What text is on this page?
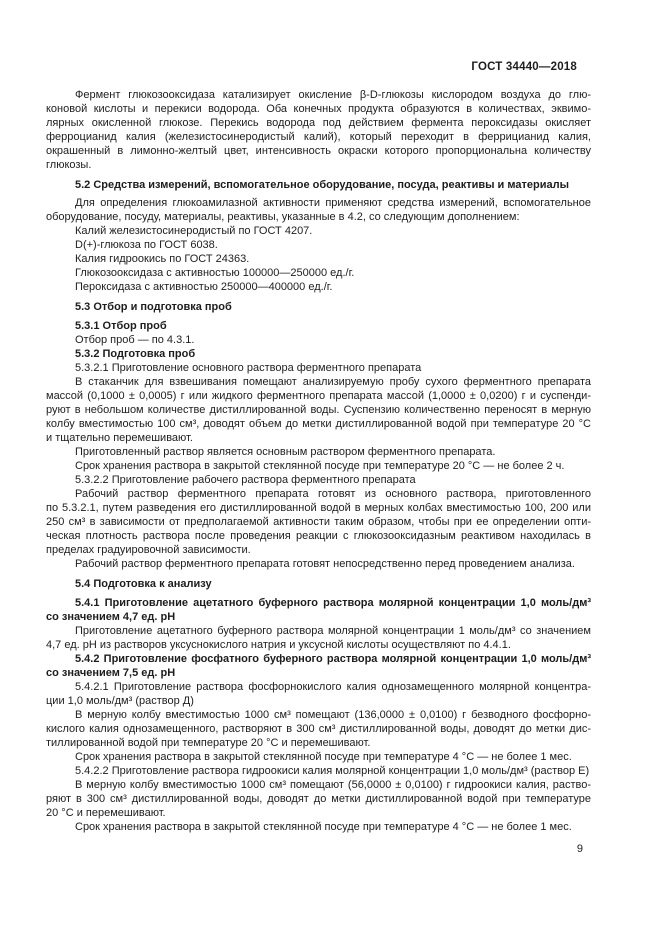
ГОСТ 34440—2018
Фермент глюкозооксидаза катализирует окисление β-D-глюкозы кислородом воздуха до глю-
коновой кислоты и перекиси водорода. Оба конечных продукта образуются в количествах, эквимо-
лярных окисленной глюкозе. Перекись водорода под действием фермента пероксидазы окисляет
ферроцианид калия (железистосинеродистый калий), который переходит в феррицианид калия,
окрашенный в лимонно-желтый цвет, интенсивность окраски которого пропорциональна количеству
глюкозы.
5.2 Средства измерений, вспомогательное оборудование, посуда, реактивы и материалы
Для определения глюкоамилазной активности применяют средства измерений, вспомогательное
оборудование, посуду, материалы, реактивы, указанные в 4.2, со следующим дополнением:
Калий железистосинеродистый по ГОСТ 4207.
D(+)-глюкоза по ГОСТ 6038.
Калия гидроокись по ГОСТ 24363.
Глюкозооксидаза с активностью 100000—250000 ед./г.
Пероксидаза с активностью 250000—400000 ед./г.
5.3 Отбор и подготовка проб
5.3.1 Отбор проб
Отбор проб — по 4.3.1.
5.3.2 Подготовка проб
5.3.2.1 Приготовление основного раствора ферментного препарата
В стаканчик для взвешивания помещают анализируемую пробу сухого ферментного препарата
массой (0,1000 ± 0,0005) г или жидкого ферментного препарата массой (1,0000 ± 0,0200) г и суспенди-
руют в небольшом количестве дистиллированной воды. Суспензию количественно переносят в мерную
колбу вместимостью 100 см³, доводят объем до метки дистиллированной водой при температуре 20 °С
и тщательно перемешивают.
Приготовленный раствор является основным раствором ферментного препарата.
Срок хранения раствора в закрытой стеклянной посуде при температуре 20 °С — не более 2 ч.
5.3.2.2 Приготовление рабочего раствора ферментного препарата
Рабочий раствор ферментного препарата готовят из основного раствора, приготовленного
по 5.3.2.1, путем разведения его дистиллированной водой в мерных колбах вместимостью 100, 200 или
250 см³ в зависимости от предполагаемой активности таким образом, чтобы при ее определении опти-
ческая плотность раствора после проведения реакции с глюкозооксидазным реактивом находилась в
пределах градуировочной зависимости.
Рабочий раствор ферментного препарата готовят непосредственно перед проведением анализа.
5.4 Подготовка к анализу
5.4.1 Приготовление ацетатного буферного раствора молярной концентрации 1,0 моль/дм³
со значением 4,7 ед. pH
Приготовление ацетатного буферного раствора молярной концентрации 1 моль/дм³ со значением
4,7 ед. pH из растворов уксуснокислого натрия и уксусной кислоты осуществляют по 4.4.1.
5.4.2 Приготовление фосфатного буферного раствора молярной концентрации 1,0 моль/дм³
со значением 7,5 ед. pH
5.4.2.1 Приготовление раствора фосфорнокислого калия однозамещенного молярной концентра-
ции 1,0 моль/дм³ (раствор Д)
В мерную колбу вместимостью 1000 см³ помещают (136,0000 ± 0,0100) г безводного фосфорно-
кислого калия однозамещенного, растворяют в 300 см³ дистиллированной воды, доводят до метки дис-
тиллированной водой при температуре 20 °С и перемешивают.
Срок хранения раствора в закрытой стеклянной посуде при температуре 4 °С — не более 1 мес.
5.4.2.2 Приготовление раствора гидроокиси калия молярной концентрации 1,0 моль/дм³ (раствор Е)
В мерную колбу вместимостью 1000 см³ помещают (56,0000 ± 0,0100) г гидроокиси калия, раство-
ряют в 300 см³ дистиллированной воды, доводят до метки дистиллированной водой при температуре
20 °С и перемешивают.
Срок хранения раствора в закрытой стеклянной посуде при температуре 4 °С — не более 1 мес.
9
